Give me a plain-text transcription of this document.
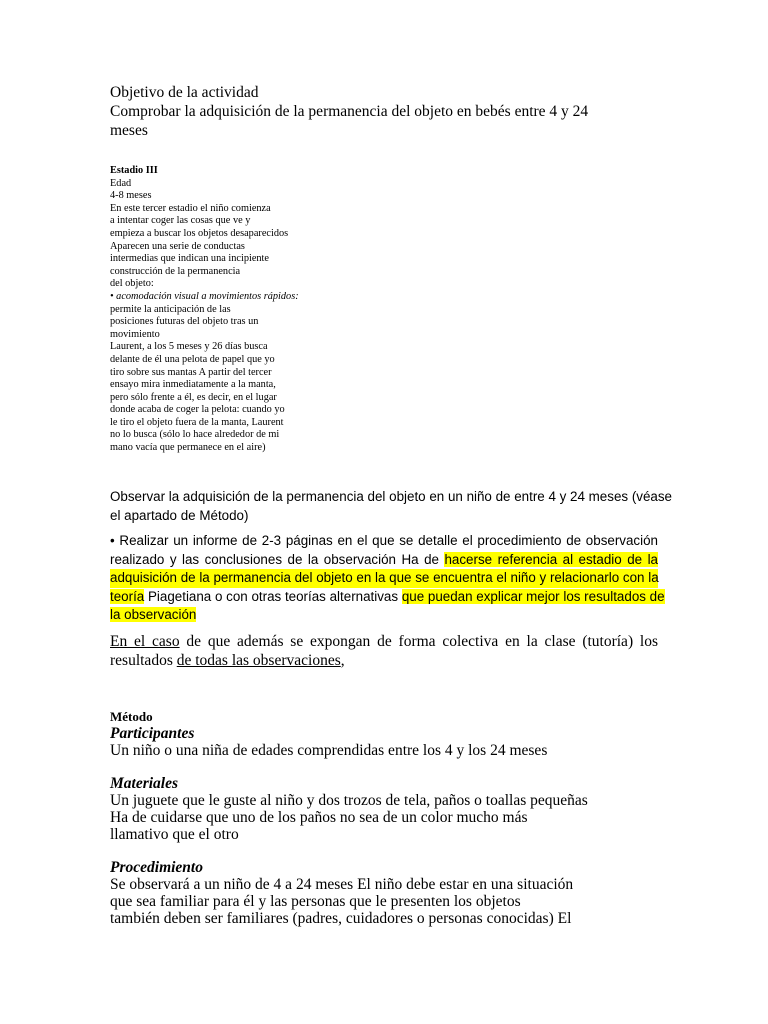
Objetivo de la actividad
Comprobar la adquisición de la permanencia del objeto en bebés entre 4 y 24
meses
Estadio III
Edad
4-8 meses
En este tercer estadio el niño comienza
a intentar coger las cosas que ve y
empieza a buscar los objetos desaparecidos
Aparecen una serie de conductas
intermedias que indican una incipiente
construcción de la permanencia
del objeto:
• acomodación visual a movimientos rápidos:
permite la anticipación de las
posiciones futuras del objeto tras un
movimiento
Laurent, a los 5 meses y 26 días busca
delante de él una pelota de papel que yo
tiro sobre sus mantas A partir del tercer
ensayo mira inmediatamente a la manta,
pero sólo frente a él, es decir, en el lugar
donde acaba de coger la pelota: cuando yo
le tiro el objeto fuera de la manta, Laurent
no lo busca (sólo lo hace alrededor de mi
mano vacía que permanece en el aire)
Observar la adquisición de la permanencia del objeto en un niño de entre 4 y 24 meses (véase
el apartado de Método)
• Realizar un informe de 2-3 páginas en el que se detalle el procedimiento de observación
realizado y las conclusiones de la observación Ha de hacerse referencia al estadio de la
adquisición de la permanencia del objeto en la que se encuentra el niño y relacionarlo con la
teoría Piagetiana o con otras teorías alternativas que puedan explicar mejor los resultados de
la observación
En el caso de que además se expongan de forma colectiva en la clase (tutoría) los
resultados de todas las observaciones,
Método
Participantes
Un niño o una niña de edades comprendidas entre los 4 y los 24 meses
Materiales
Un juguete que le guste al niño y dos trozos de tela, paños o toallas pequeñas
Ha de cuidarse que uno de los paños no sea de un color mucho más
llamativo que el otro
Procedimiento
Se observará a un niño de 4 a 24 meses El niño debe estar en una situación
que sea familiar para él y las personas que le presenten los objetos
también deben ser familiares (padres, cuidadores o personas conocidas) El
